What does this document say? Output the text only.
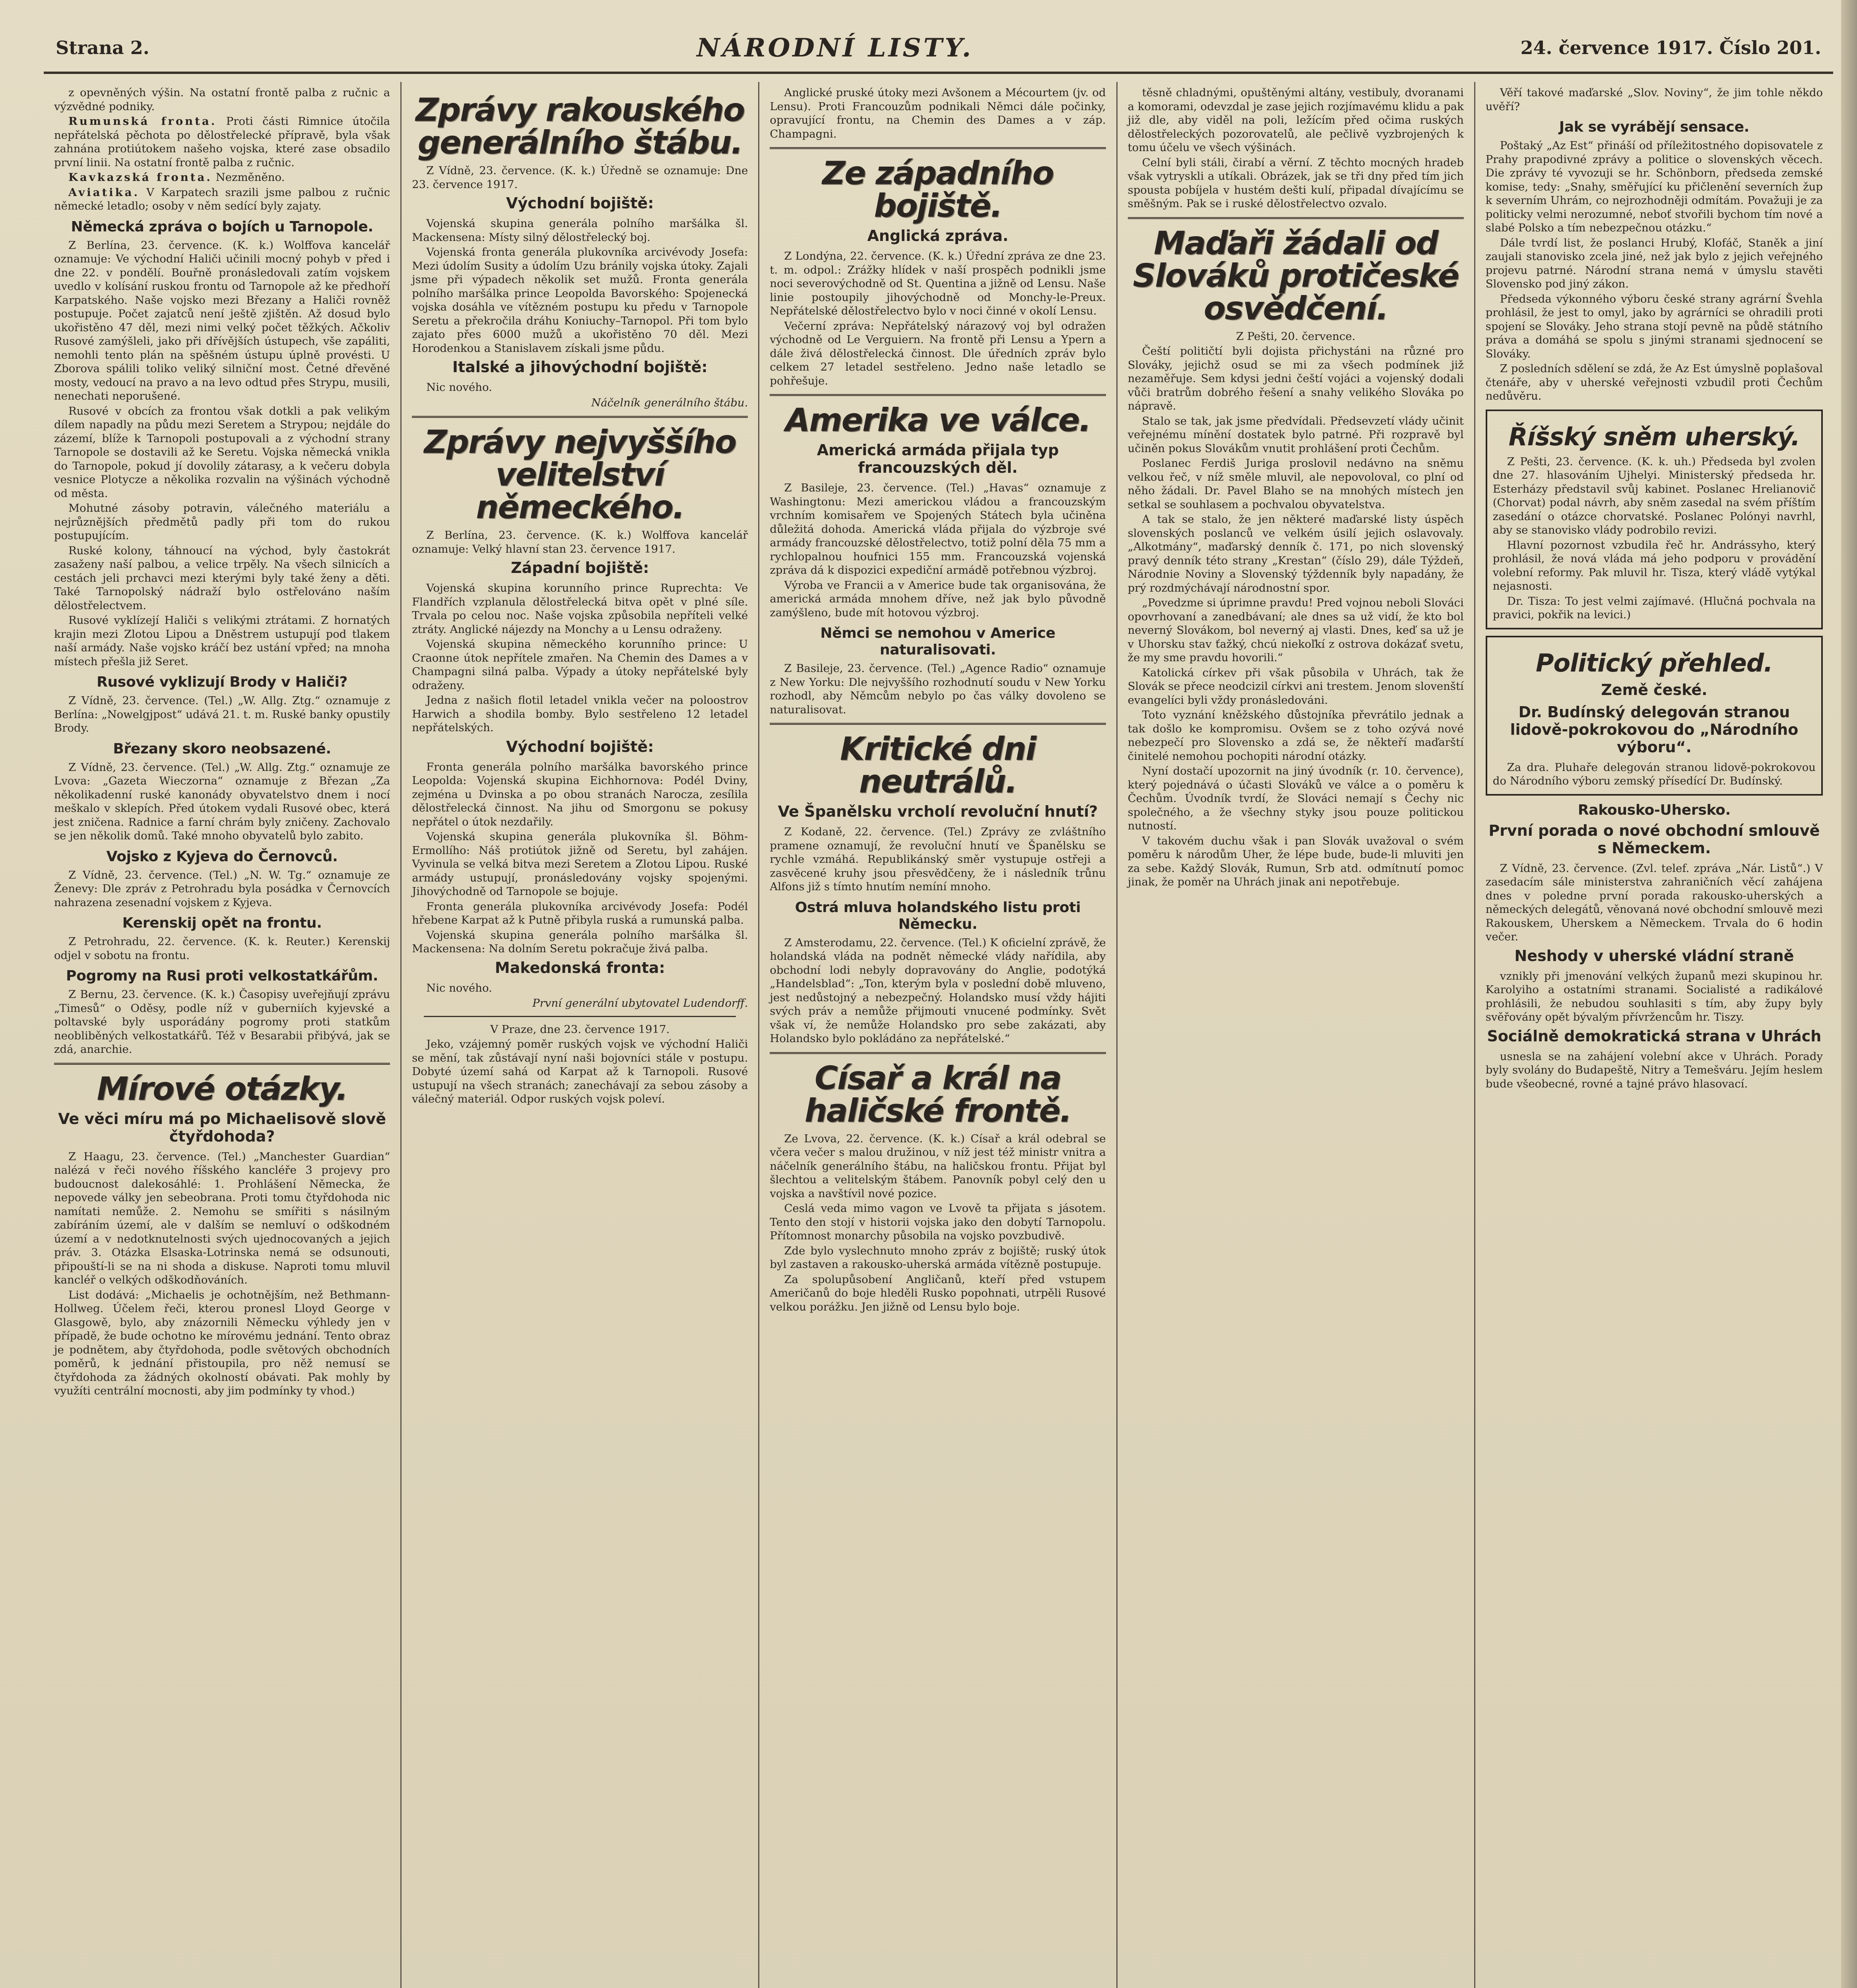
Strana 2.	NÁRODNÍ LISTY.	24. července 1917. Číslo 201.

z opevněných výšin. Na ostatní frontě palba z ručnic a výzvědné podniky.

Rumunská fronta. Proti části Rimnice útočila nepřátelská pěchota po dělostřelecké přípravě, byla však zahnána protiútokem našeho vojska, které zase obsadilo první linii. Na ostatní frontě palba z ručnic.

Kavkazská fronta. Nezměněno.

Aviatika. V Karpatech srazili jsme palbou z ručnic německé letadlo; osoby v něm sedící byly zajaty.

Německá zpráva o bojích u Tarnopole.

Z Berlína, 23. července. (K. k.) Wolffova kancelář oznamuje: Ve východní Haliči učinili mocný pohyb v před i dne 22. v pondělí. Bouřně pronásledovali zatím vojskem uvedlo v kolísání ruskou frontu od Tarnopole až ke předhoří Karpatského. Naše vojsko mezi Březany a Haliči rovněž postupuje. Počet zajatců není ještě zjištěn. Až dosud bylo ukořistěno 47 děl, mezi nimi velký počet těžkých. Ačkoliv Rusové zamýšleli, jako při dřívějších ústupech, vše zapáliti, nemohli tento plán na spěšném ústupu úplně provésti. U Zborova spálili toliko veliký silniční most. Četné dřevěné mosty, vedoucí na pravo a na levo odtud přes Strypu, musili, nenechati neporušené.

Rusové v obcích za frontou však dotkli a pak velikým dílem napadly na půdu mezi Seretem a Strypou; nejdále do zázemí, blíže k Tarnopoli postupovali a z východní strany Tarnopole se dostavili až ke Seretu. Vojska německá vnikla do Tarnopole, pokud jí dovolily zátarasy, a k večeru dobyla vesnice Plotycze a několika rozvalin na výšinách východně od města.

Mohutné zásoby potravin, válečného materiálu a nejrůznějších předmětů padly při tom do rukou postupujícím.

Ruské kolony, táhnoucí na východ, byly častokrát zasaženy naší palbou, a velice trpěly. Na všech silnicích a cestách jeli prchavci mezi kterými byly také ženy a děti. Také Tarnopolský nádraží bylo ostřelováno naším dělostřelectvem.

Rusové vyklízejí Haliči s velikými ztrátami. Z hornatých krajin mezi Zlotou Lipou a Dněstrem ustupují pod tlakem naší armády. Naše vojsko kráčí bez ustání vpřed; na mnoha místech přešla již Seret.

Rusové vyklizují Brody v Haliči?

Z Vídně, 23. července. (Tel.) „W. Allg. Ztg.“ oznamuje z Berlína: „Nowelgjpost“ udává 21. t. m. Ruské banky opustily Brody.

Březany skoro neobsazené.

Z Vídně, 23. července. (Tel.) „W. Allg. Ztg.“ oznamuje ze Lvova: „Gazeta Wieczorna“ oznamuje z Březan „Za několikadenní ruské kanonády obyvatelstvo dnem i nocí meškalo v sklepích. Před útokem vydali Rusové obec, která jest zničena. Radnice a farní chrám byly zničeny. Zachovalo se jen několik domů. Také mnoho obyvatelů bylo zabito.

Vojsko z Kyjeva do Černovců.

Z Vídně, 23. července. (Tel.) „N. W. Tg.“ oznamuje ze Ženevy: Dle zpráv z Petrohradu byla posádka v Černovcích nahrazena zesenadní vojskem z Kyjeva.

Kerenskij opět na frontu.

Z Petrohradu, 22. července. (K. k. Reuter.) Kerenskij odjel v sobotu na frontu.

Pogromy na Rusi proti velkostatkářům.

Z Bernu, 23. července. (K. k.) Časopisy uveřejňují zprávu „Timesů“ o Oděsy, podle níž v guberniích kyjevské a poltavské byly usporádány pogromy proti statkům neobliběných velkostatkářů. Též v Besarabii přibývá, jak se zdá, anarchie.

Mírové otázky.
Ve věci míru má po Michaelisově slově čtyřdohoda?

Z Haagu, 23. července. (Tel.) „Manchester Guardian“ nalézá v řeči nového říšského kancléře 3 projevy pro budoucnost dalekosáhlé: 1. Prohlášení Německa, že nepovede války jen sebeobrana. Proti tomu čtyřdohoda nic namítati nemůže. 2. Nemohu se smířiti s násilným zabíráním území, ale v dalším se nemluví o odškodném území a v nedotknutelnosti svých ujednocovaných a jejich práv. 3. Otázka Elsaska-Lotrinska nemá se odsunouti, připouští-li se na ni shoda a diskuse. Naproti tomu mluvil kancléř o velkých odškodňováních.

List dodává: „Michaelis je ochotnějším, než Bethmann-Hollweg. Účelem řeči, kterou pronesl Lloyd George v Glasgowě, bylo, aby znázornili Německu výhledy jen v případě, že bude ochotno ke mírovému jednání. Tento obraz je podnětem, aby čtyřdohoda, podle světových obchodních poměrů, k jednání přistoupila, pro něž nemusí se čtyřdohoda za žádných okolností obávati. Pak mohly by využíti centrální mocnosti, aby jim podmínky ty vhod.)

Zprávy rakouského generálního štábu.

Z Vídně, 23. července. (K. k.) Úředně se oznamuje: Dne 23. července 1917.

Východní bojiště:

Vojenská skupina generála polního maršálka šl. Mackensena: Místy silný dělostřelecký boj.

Vojenská fronta generála plukovníka arcivévody Josefa: Mezi údolím Susity a údolím Uzu bránily vojska útoky. Zajali jsme při výpadech několik set mužů. Fronta generála polního maršálka prince Leopolda Bavorského: Spojenecká vojska dosáhla ve vítězném postupu ku předu v Tarnopole Seretu a překročila dráhu Koniuchy–Tarnopol. Při tom bylo zajato přes 6000 mužů a ukořistěno 70 děl. Mezi Horodenkou a Stanislavem získali jsme půdu.

Italské a jihovýchodní bojiště:

Nic nového.

Náčelník generálního štábu.
Zprávy nejvyššího velitelství německého.

Z Berlína, 23. července. (K. k.) Wolffova kancelář oznamuje: Velký hlavní stan 23. července 1917.

Západní bojiště:

Vojenská skupina korunního prince Ruprechta: Ve Flandřích vzplanula dělostřelecká bitva opět v plné síle. Trvala po celou noc. Naše vojska způsobila nepříteli velké ztráty. Anglické nájezdy na Monchy a u Lensu odraženy.

Vojenská skupina německého korunního prince: U Craonne útok nepřítele zmařen. Na Chemin des Dames a v Champagni silná palba. Výpady a útoky nepřátelské byly odraženy.

Jedna z našich flotil letadel vnikla večer na poloostrov Harwich a shodila bomby. Bylo sestřeleno 12 letadel nepřátelských.

Východní bojiště:

Fronta generála polního maršálka bavorského prince Leopolda: Vojenská skupina Eichhornova: Podél Dviny, zejména u Dvinska a po obou stranách Narocza, zesílila dělostřelecká činnost. Na jihu od Smorgonu se pokusy nepřátel o útok nezdařily.

Vojenská skupina generála plukovníka šl. Böhm-Ermollího: Náš protiútok jižně od Seretu, byl zahájen. Vyvinula se velká bitva mezi Seretem a Zlotou Lipou. Ruské armády ustupují, pronásledovány vojsky spojenými. Jihovýchodně od Tarnopole se bojuje.

Fronta generála plukovníka arcivévody Josefa: Podél hřebene Karpat až k Putně přibyla ruská a rumunská palba.

Vojenská skupina generála polního maršálka šl. Mackensena: Na dolním Seretu pokračuje živá palba.

Makedonská fronta:

Nic nového.

První generální ubytovatel Ludendorff.

V Praze, dne 23. července 1917.

Jeko, vzájemný poměr ruských vojsk ve východní Haliči se mění, tak zůstávají nyní naši bojovníci stále v postupu. Dobyté území sahá od Karpat až k Tarnopoli. Rusové ustupují na všech stranách; zanechávají za sebou zásoby a válečný materiál. Odpor ruských vojsk poleví.

Anglické pruské útoky mezi Avšonem a Mécourtem (jv. od Lensu). Proti Francouzům podnikali Němci dále počinky, opravující frontu, na Chemin des Dames a v záp. Champagni.

Ze západního bojiště.
Anglická zpráva.

Z Londýna, 22. července. (K. k.) Úřední zpráva ze dne 23. t. m. odpol.: Zrážky hlídek v naší prospěch podnikli jsme noci severovýchodně od St. Quentina a jižně od Lensu. Naše linie postoupily jihovýchodně od Monchy-le-Preux. Nepřátelské dělostřelectvo bylo v noci činné v okolí Lensu.

Večerní zpráva: Nepřátelský nárazový voj byl odražen východně od Le Verguiern. Na frontě při Lensu a Ypern a dále živá dělostřelecká činnost. Dle úředních zpráv bylo celkem 27 letadel sestřeleno. Jedno naše letadlo se pohřešuje.

Amerika ve válce.
Americká armáda přijala typ francouzských děl.

Z Basileje, 23. července. (Tel.) „Havas“ oznamuje z Washingtonu: Mezi americkou vládou a francouzským vrchním komisařem ve Spojených Státech byla učiněna důležitá dohoda. Americká vláda přijala do výzbroje své armády francouzské dělostřelectvo, totiž polní děla 75 mm a rychlopalnou houfnici 155 mm. Francouzská vojenská zpráva dá k dispozici expediční armádě potřebnou výzbroj.

Výroba ve Francii a v Americe bude tak organisována, že americká armáda mnohem dříve, než jak bylo původně zamýšleno, bude mít hotovou výzbroj.

Němci se nemohou v Americe naturalisovati.

Z Basileje, 23. července. (Tel.) „Agence Radio“ oznamuje z New Yorku: Dle nejvyššího rozhodnutí soudu v New Yorku rozhodl, aby Němcům nebylo po čas války dovoleno se naturalisovat.

Kritické dni neutrálů.
Ve Španělsku vrcholí revoluční hnutí?

Z Kodaně, 22. července. (Tel.) Zprávy ze zvláštního pramene oznamují, že revoluční hnutí ve Španělsku se rychle vzmáhá. Republikánský směr vystupuje ostřeji a zasvěcené kruhy jsou přesvědčeny, že i následník trůnu Alfons již s tímto hnutím nemíní mnoho.

Ostrá mluva holandského listu proti Německu.

Z Amsterodamu, 22. července. (Tel.) K oficielní zprávě, že holandská vláda na podnět německé vlády nařídila, aby obchodní lodi nebyly dopravovány do Anglie, podotýká „Handelsblad“: „Ton, kterým byla v poslední době mluveno, jest nedůstojný a nebezpečný. Holandsko musí vždy hájiti svých práv a nemůže přijmouti vnucené podmínky. Svět však ví, že nemůže Holandsko pro sebe zakázati, aby Holandsko bylo pokládáno za nepřátelské.“

Císař a král na haličské frontě.

Ze Lvova, 22. července. (K. k.) Císař a král odebral se včera večer s malou družinou, v níž jest též ministr vnitra a náčelník generálního štábu, na haličskou frontu. Přijat byl šlechtou a velitelským štábem. Panovník pobyl celý den u vojska a navštívil nové pozice.

Ceslá veda mimo vagon ve Lvově ta přijata s jásotem. Tento den stojí v historii vojska jako den dobytí Tarnopolu. Přítomnost monarchy působila na vojsko povzbudivě.

Zde bylo vyslechnuto mnoho zpráv z bojiště; ruský útok byl zastaven a rakousko-uherská armáda vítězně postupuje.

Za spolupůsobení Angličanů, kteří před vstupem Američanů do boje hleděli Rusko popohnati, utrpěli Rusové velkou porážku. Jen jižně od Lensu bylo boje.

těsně chladnými, opuštěnými altány, vestibuly, dvoranami a komorami, odevzdal je zase jejich rozjímavému klidu a pak již dle, aby viděl na poli, ležícím před očima ruských dělostřeleckých pozorovatelů, ale pečlivě vyzbrojených k tomu účelu ve všech výšinách.

Celní byli stáli, čirabí a věrní. Z těchto mocných hradeb však vytryskli a utíkali. Obrázek, jak se tři dny před tím jich spousta pobíjela v hustém dešti kulí, připadal dívajícímu se směšným. Pak se i ruské dělostřelectvo ozvalo.

Maďaři žádali od Slováků protičeské osvědčení.

Z Pešti, 20. července.

Čeští političtí byli dojista přichystáni na různé pro Slováky, jejichž osud se mi za všech podmínek již nezaměřuje. Sem kdysi jedni čeští vojáci a vojenský dodali vůči bratrům dobrého řešení a snahy velikého Slováka po nápravě.

Stalo se tak, jak jsme předvídali. Předsevzetí vlády učinit veřejnému mínění dostatek bylo patrné. Při rozpravě byl učiněn pokus Slovákům vnutit prohlášení proti Čechům.

Poslanec Ferdiš Juriga proslovil nedávno na sněmu velkou řeč, v níž směle mluvil, ale nepovoloval, co plní od něho žádali. Dr. Pavel Blaho se na mnohých místech jen setkal se souhlasem a pochvalou obyvatelstva.

A tak se stalo, že jen některé maďarské listy úspěch slovenských poslanců ve velkém úsilí jejich oslavovaly. „Alkotmány“, maďarský denník č. 171, po nich slovenský pravý denník této strany „Krestan“ (číslo 29), dále Týždeň, Národnie Noviny a Slovenský týždenník byly napadány, že prý rozdmýchávají národnostní spor.

„Povedzme si úprimne pravdu! Pred vojnou neboli Slováci opovrhovaní a zanedbávaní; ale dnes sa už vidí, že kto bol neverný Slovákom, bol neverný aj vlasti. Dnes, keď sa už je v Uhorsku stav ťažký, chcú niekoľkí z ostrova dokázať svetu, že my sme pravdu hovorili.“

Katolická církev při však působila v Uhrách, tak že Slovák se přece neodcizil církvi ani trestem. Jenom slovenští evangelíci byli vždy pronásledováni.

Toto vyznání kněžského důstojníka převrátilo jednak a tak došlo ke kompromisu. Ovšem se z toho ozývá nové nebezpečí pro Slovensko a zdá se, že někteří maďarští činitelé nemohou pochopiti národní otázky.

Nyní dostačí upozornit na jiný úvodník (r. 10. července), který pojednává o účasti Slováků ve válce a o poměru k Čechům. Úvodník tvrdí, že Slováci nemají s Čechy nic společného, a že všechny styky jsou pouze politickou nutností.

V takovém duchu však i pan Slovák uvažoval o svém poměru k národům Uher, že lépe bude, bude-li mluviti jen za sebe. Každý Slovák, Rumun, Srb atd. odmítnutí pomoc jinak, že poměr na Uhrách jinak ani nepotřebuje.

Věří takové maďarské „Slov. Noviny“, že jim tohle někdo uvěří?

Jak se vyrábějí sensace.

Poštaký „Az Est“ přináší od příležitostného dopisovatele z Prahy prapodivné zprávy a politice o slovenských věcech. Die zprávy té vyvozuji se hr. Schönborn, předseda zemské komise, tedy: „Snahy, směřující ku přičlenění severních žup k severním Uhrám, co nejrozhodněji odmítám. Považuji je za politicky velmi nerozumné, neboť stvořili bychom tím nové a slabé Polsko a tím nebezpečnou otázku.“

Dále tvrdí list, že poslanci Hrubý, Klofáč, Staněk a jiní zaujali stanovisko zcela jiné, než jak bylo z jejich veřejného projevu patrné. Národní strana nemá v úmyslu stavěti Slovensko pod jiný zákon.

Předseda výkonného výboru české strany agrární Švehla prohlásil, že jest to omyl, jako by agrárníci se ohradili proti spojení se Slováky. Jeho strana stojí pevně na půdě státního práva a domáhá se spolu s jinými stranami sjednocení se Slováky.

Z posledních sdělení se zdá, že Az Est úmyslně poplašoval čtenáře, aby v uherské veřejnosti vzbudil proti Čechům nedůvěru.

Říšský sněm uherský.

Z Pešti, 23. července. (K. k. uh.) Předseda byl zvolen dne 27. hlasováním Ujhelyi. Ministerský předseda hr. Esterházy představil svůj kabinet. Poslanec Hrelianovič (Chorvat) podal návrh, aby sněm zasedal na svém příštím zasedání o otázce chorvatské. Poslanec Polónyi navrhl, aby se stanovisko vlády podrobilo revizi.

Hlavní pozornost vzbudila řeč hr. Andrássyho, který prohlásil, že nová vláda má jeho podporu v provádění volební reformy. Pak mluvil hr. Tisza, který vládě vytýkal nejasnosti.

Dr. Tisza: To jest velmi zajímavé. (Hlučná pochvala na pravici, pokřik na levici.)

Politický přehled.
Země české.
Dr. Budínský delegován stranou lidově-pokrokovou do „Národního výboru“.

Za dra. Pluhaře delegován stranou lidově-pokrokovou do Národního výboru zemský přísedící Dr. Budínský.

Rakousko-Uhersko.
První porada o nové obchodní smlouvě s Německem.

Z Vídně, 23. července. (Zvl. telef. zpráva „Nár. Listů“.) V zasedacím sále ministerstva zahraničních věcí zahájena dnes v poledne první porada rakousko-uherských a německých delegátů, věnovaná nové obchodní smlouvě mezi Rakouskem, Uherskem a Německem. Trvala do 6 hodin večer.

Neshody v uherské vládní straně

vznikly při jmenování velkých županů mezi skupinou hr. Karolyiho a ostatními stranami. Socialisté a radikálové prohlásili, že nebudou souhlasiti s tím, aby župy byly svěřovány opět bývalým přívržencům hr. Tiszy.

Sociálně demokratická strana v Uhrách

usnesla se na zahájení volební akce v Uhrách. Porady byly svolány do Budapeště, Nitry a Temešváru. Jejím heslem bude všeobecné, rovné a tajné právo hlasovací.
